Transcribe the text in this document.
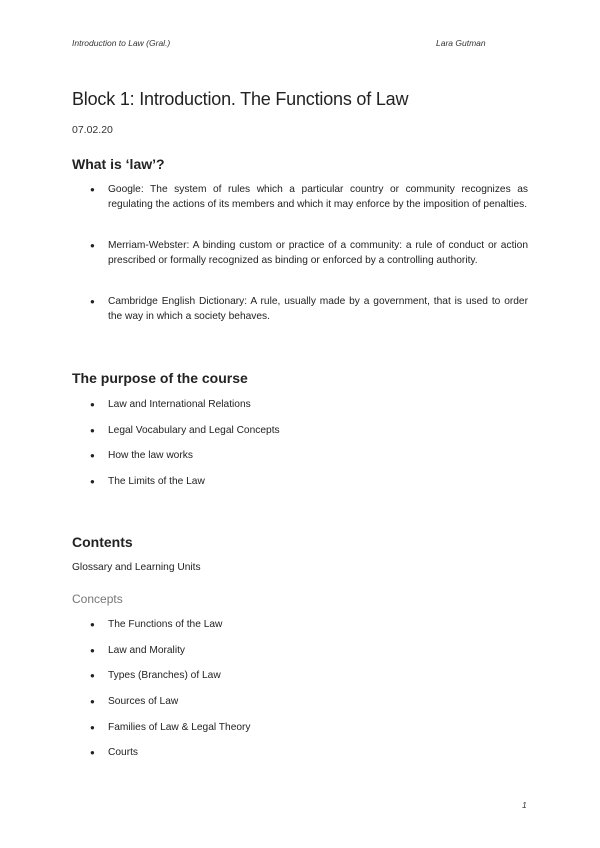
Introduction to Law (Gral.)	Lara Gutman
Block 1: Introduction. The Functions of Law
07.02.20
What is ‘law’?
● Google: The system of rules which a particular country or community recognizes as regulating the actions of its members and which it may enforce by the imposition of penalties.
● Merriam-Webster: A binding custom or practice of a community: a rule of conduct or action prescribed or formally recognized as binding or enforced by a controlling authority.
● Cambridge English Dictionary: A rule, usually made by a government, that is used to order the way in which a society behaves.
The purpose of the course
● Law and International Relations
● Legal Vocabulary and Legal Concepts
● How the law works
● The Limits of the Law
Contents
Glossary and Learning Units
Concepts
● The Functions of the Law
● Law and Morality
● Types (Branches) of Law
● Sources of Law
● Families of Law & Legal Theory
● Courts
1
